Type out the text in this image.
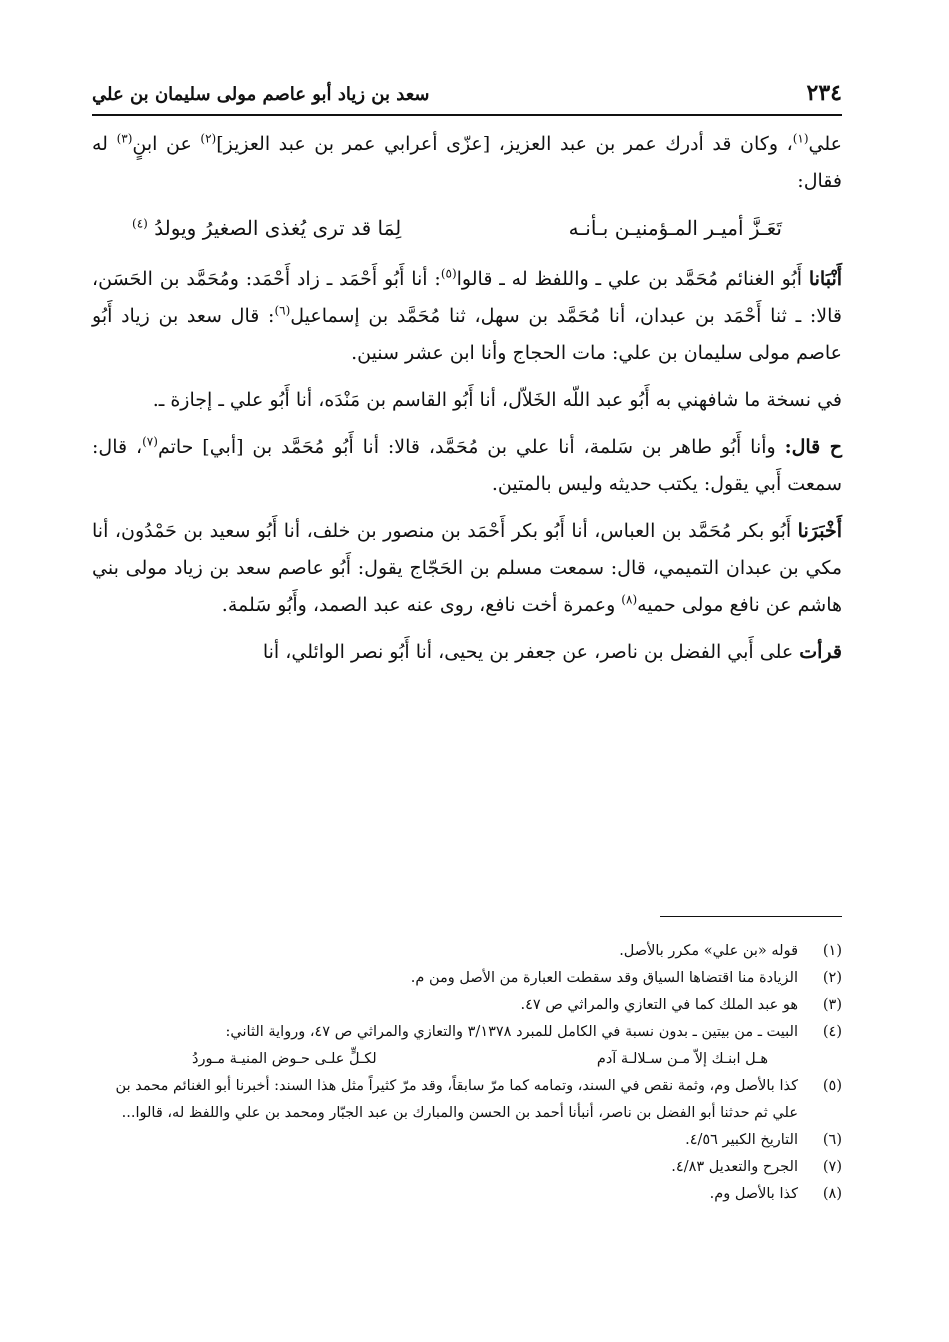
٢٣٤
سعد بن زياد أبو عاصم مولى سليمان بن علي

علي$^{(١)}$، وكان قد أدرك عمر بن عبد العزيز، [عزّى أعرابي عمر بن عبد العزيز]$^{(٢)}$ عن ابنٍ$^{(٣)}$ له فقال:

تَعَـزَّ أميـر المـؤمنيـن بـأنـه
لِمَا قد ترى يُغذى الصغيرُ ويولدُ $^{(٤)}$

أَنْبَانا أَبُو الغنائم مُحَمَّد بن علي ـ واللفظ له ـ قالوا$^{(٥)}$: أنا أَبُو أَحْمَد ـ زاد أَحْمَد: ومُحَمَّد بن الحَسَن، قالا: ـ ثنا أَحْمَد بن عبدان، أنا مُحَمَّد بن سهل، ثنا مُحَمَّد بن إسماعيل$^{(٦)}$: قال سعد بن زياد أَبُو عاصم مولى سليمان بن علي: مات الحجاج وأنا ابن عشر سنين.

في نسخة ما شافهني به أَبُو عبد اللّه الخَلاّل، أنا أَبُو القاسم بن مَنْدَه، أنا أَبُو علي ـ إجازة ـ.

ح قال: وأنا أَبُو طاهر بن سَلمة، أنا علي بن مُحَمَّد، قالا: أنا أَبُو مُحَمَّد بن [أبي] حاتم$^{(٧)}$، قال: سمعت أَبي يقول: يكتب حديثه وليس بالمتين.

أَخْبَرَنا أَبُو بكر مُحَمَّد بن العباس، أنا أَبُو بكر أَحْمَد بن منصور بن خلف، أنا أَبُو سعيد بن حَمْدُون، أنا مكي بن عبدان التميمي، قال: سمعت مسلم بن الحَجّاج يقول: أَبُو عاصم سعد بن زياد مولى بني هاشم عن نافع مولى حميه$^{(٨)}$ وعمرة أخت نافع، روى عنه عبد الصمد، وأَبُو سَلمة.

قرأت على أَبي الفضل بن ناصر، عن جعفر بن يحيى، أنا أَبُو نصر الوائلي، أنا

(١)
قوله «بن علي» مكرر بالأصل.
(٢)
الزيادة منا اقتضاها السياق وقد سقطت العبارة من الأصل ومن م.
(٣)
هو عبد الملك كما في التعازي والمراثي ص ٤٧.
(٤)
البيت ـ من بيتين ـ بدون نسبة في الكامل للمبرد ٣/١٣٧٨ والتعازي والمراثي ص ٤٧، ورواية الثاني:
هـل ابنـك إلاّ مـن سـلالـة آدم
لكـلٍّ علـى حـوض المنيـة مـوردُ
(٥)
كذا بالأصل وم، وثمة نقص في السند، وتمامه كما مرّ سابقاً، وقد مرّ كثيراً مثل هذا السند: أخبرنا أبو الغنائم محمد بن علي ثم حدثنا أبو الفضل بن ناصر، أنبأنا أحمد بن الحسن والمبارك بن عبد الجبّار ومحمد بن علي واللفظ له، قالوا...
(٦)
التاريخ الكبير ٤/٥٦.
(٧)
الجرح والتعديل ٤/٨٣.
(٨)
كذا بالأصل وم.
